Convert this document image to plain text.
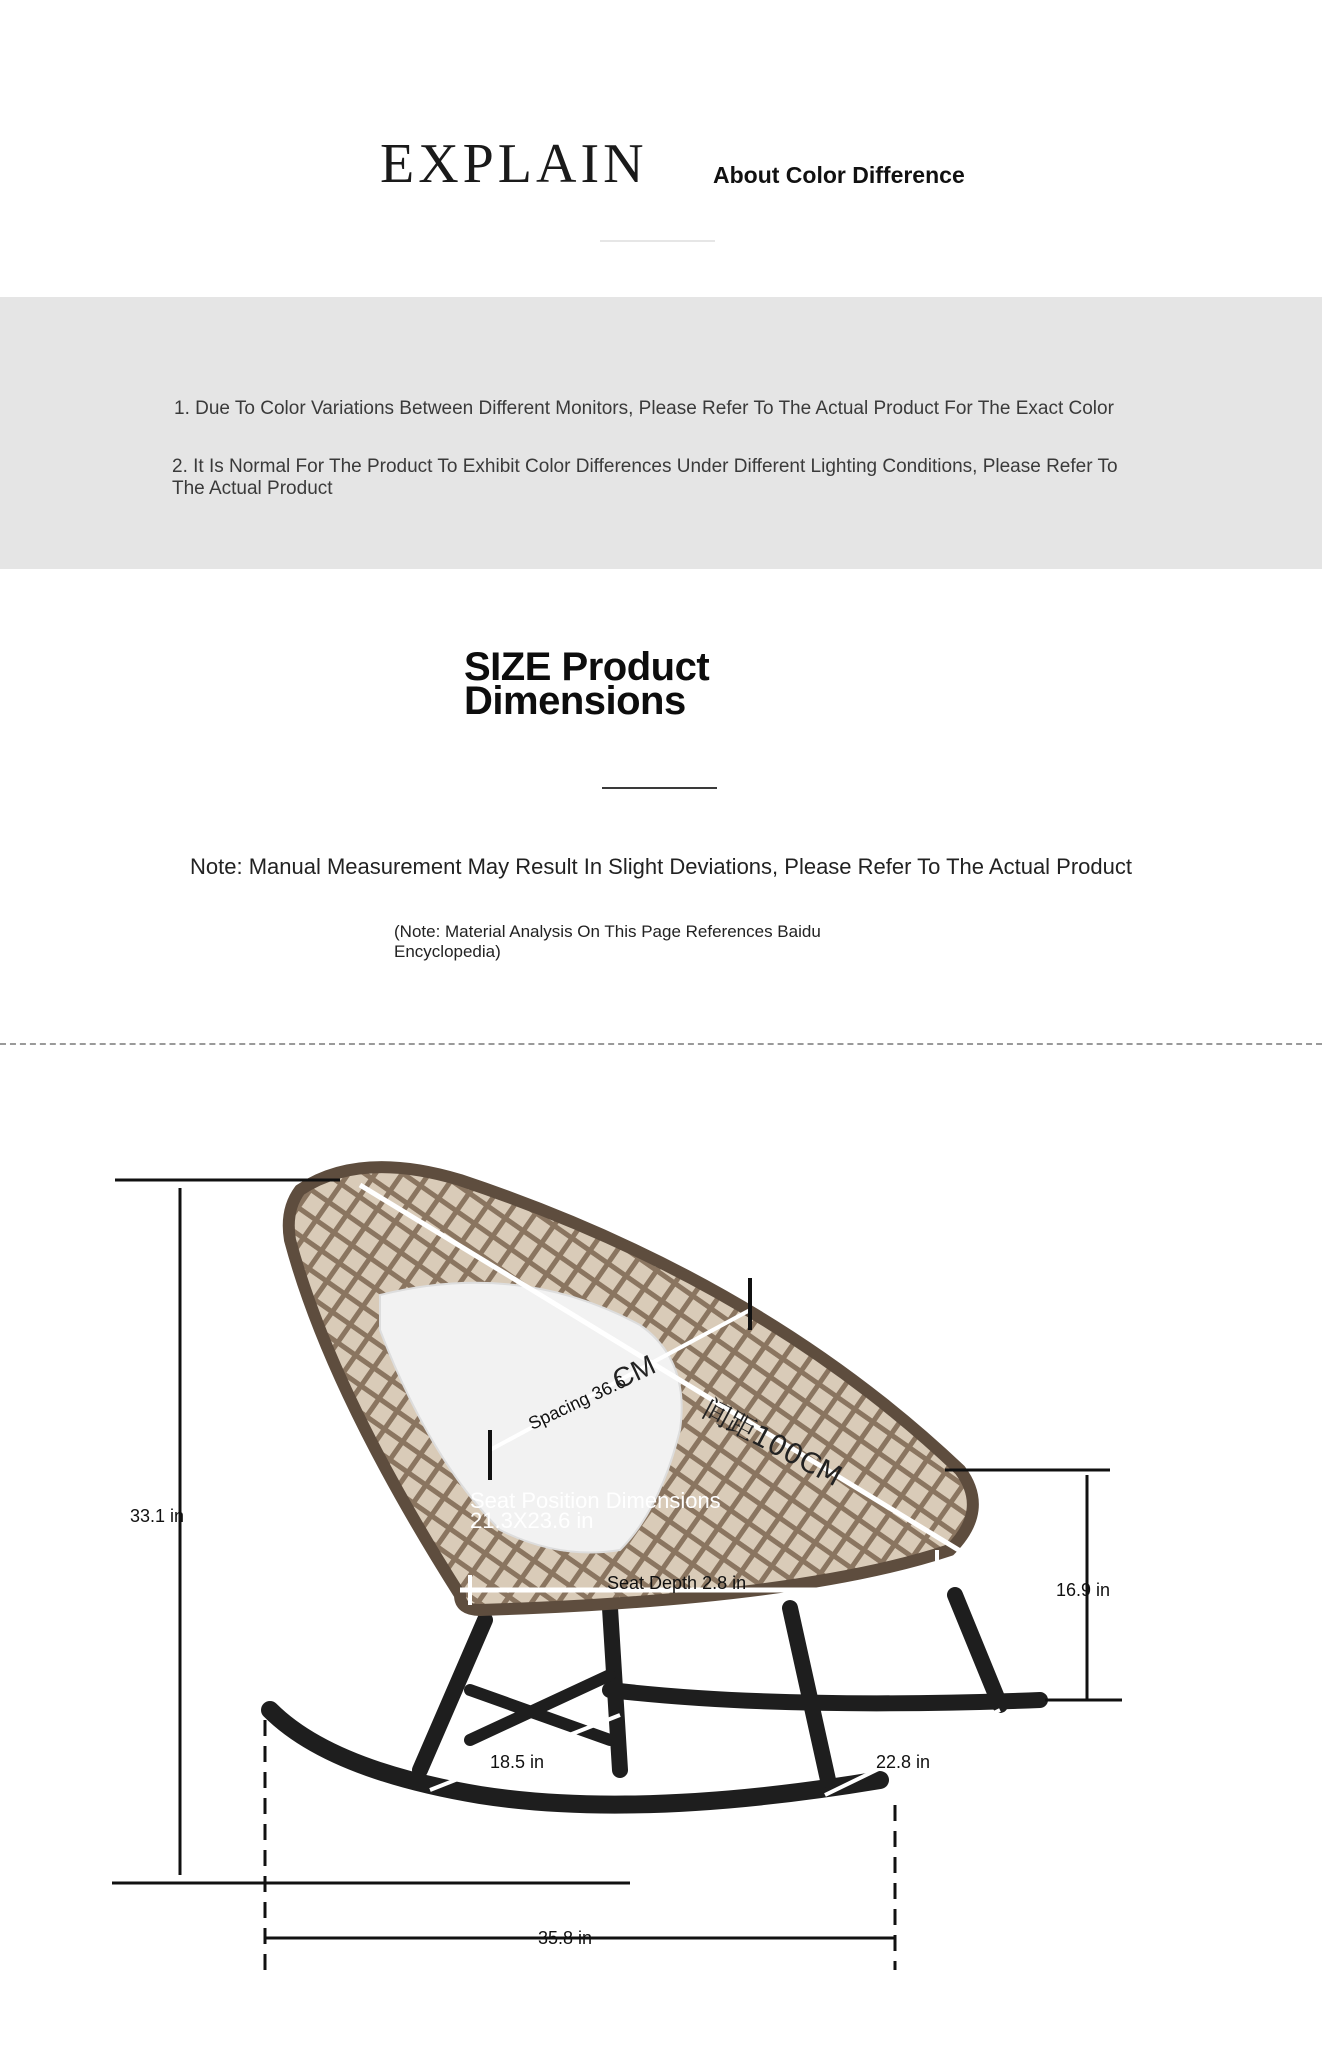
EXPLAIN	About Color Difference
1. Due To Color Variations Between Different Monitors, Please Refer To The Actual Product For The Exact Color
2. It Is Normal For The Product To Exhibit Color Differences Under Different Lighting Conditions, Please Refer To The Actual Product
SIZE Product Dimensions
Note: Manual Measurement May Result In Slight Deviations, Please Refer To The Actual Product
(Note: Material Analysis On This Page References Baidu Encyclopedia)
33.1 in
16.9 in
Spacing 36.6
CM
间距100CM
Seat Position Dimensions
21.3X23.6 in
Seat Depth 2.8 in
18.5 in	22.8 in
35.8 in
